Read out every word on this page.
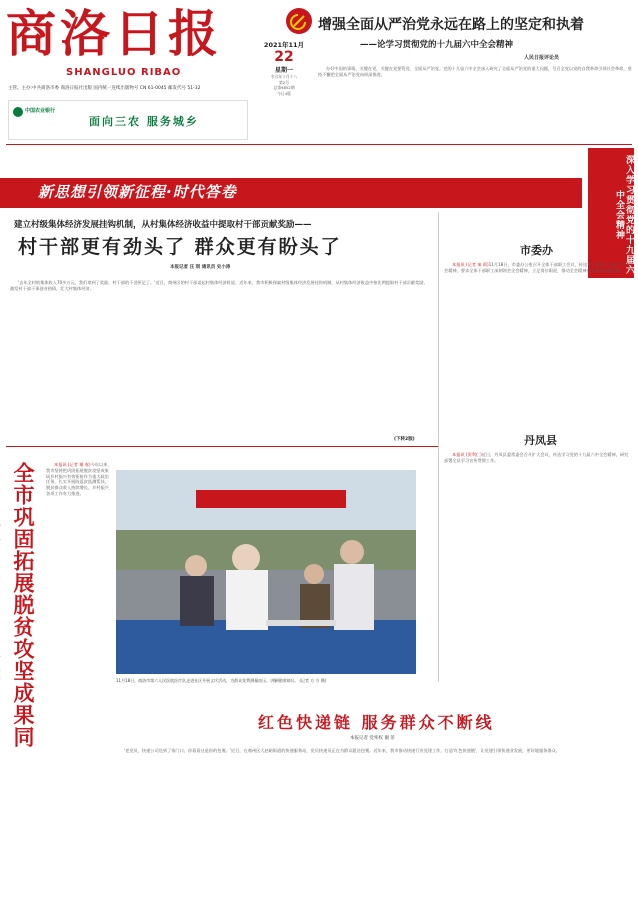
商洛日报
SHANGLUO RIBAO
主管、主办:中共商洛市委 商洛日报社出版 国内统一连续出版物号 CN 61-0045 邮发代号 51-32
2021年11月
22
星期一
辛丑年十月十八
第2号
总第9852期
今日4版
中国农业银行
面向三农 服务城乡
增强全面从严治党永远在路上的坚定和执着
——论学习贯彻党的十九届六中全会精神
人民日报评论员

办好中国的事情，关键在党，关键在党要管党、全面从严治党。党的十九届六中全会深入研究了全面从严治党的重大问题，号召全党以党的自我革命引领社会革命，坚持不懈把全面从严治党向纵深推进。

新思想引领新征程·时代答卷	深入学习贯彻党的十九届六中全会精神
建立村级集体经济发展挂钩机制，从村集体经济收益中提取村干部贡献奖励——
村干部更有劲头了 群众更有盼头了
本报记者 汪 琪 通讯员 史小涛

'去年全村的集体收入70多万元，我们拿到了奖励，村干部的干劲更足了。'近日，商州区的村干部谈起村集体经济时说。近年来，我市积极探索村级集体经济发展挂钩机制，从村集体经济收益中按比例提取村干部贡献奖励，激发村干部干事创业热情，壮大村集体经济。

(下转2版)
市委办

本报讯 (记者 秦 莉)11月18日，市委办公室召开全体干部职工会议，传达学习党的十九届六中全会精神，要求全体干部职工深刻领会全会精神，立足岗位职责，推动全会精神在市委办落地生根。

丹凤县

本报讯 (贺利仁)近日，丹凤县委常委会召开扩大会议，传达学习党的十九届六中全会精神，研究部署全县学习宣传贯彻工作。

全市巩固拓展脱贫攻坚成果同

本报讯 (记者 谢 春)今年以来，我市坚持把巩固拓展脱贫攻坚成果同乡村振兴有效衔接作为重大政治任务，扎实开展防返贫监测帮扶，脱贫群众收入持续增长，乡村振兴各项工作有力推进。

11月18日，商洛市第六人民医院医疗队走进社区开展义诊活动，为群众免费测量血压、讲解健康知识。 (记者 方 方 摄)
红色快递链 服务群众不断线
本报记者 党率权 谢 菲

'老党员，快递公司送到了家门口，你看看这是你的包裹。'近日，在商州区大赵峪街道的快递服务站，党员快递员正在为群众派送包裹。近年来，我市推动快递行业党建工作，打造'红色快递链'，让党建引领快递业发展，更好地服务群众。
